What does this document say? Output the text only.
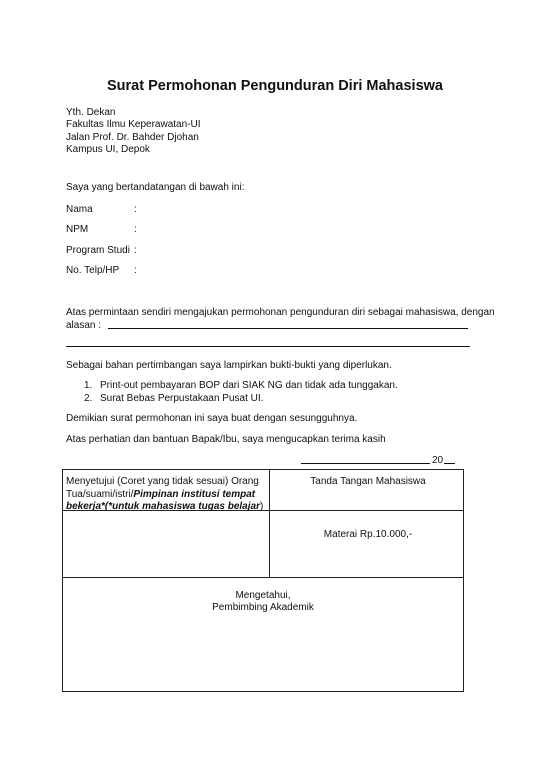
Surat Permohonan Pengunduran Diri Mahasiswa
Yth. Dekan
Fakultas Ilmu Keperawatan-UI
Jalan Prof. Dr. Bahder Djohan
Kampus UI, Depok
Saya yang bertandatangan di bawah ini:
Nama	:
NPM	:
Program Studi :
No. Telp/HP :
Atas permintaan sendiri mengajukan permohonan pengunduran diri sebagai mahasiswa, dengan
alasan :
Sebagai bahan pertimbangan saya lampirkan bukti-bukti yang diperlukan.
1. Print-out pembayaran BOP dari SIAK NG dan tidak ada tunggakan.
2. Surat Bebas Perpustakaan Pusat UI.
Demikian surat permohonan ini saya buat dengan sesungguhnya.
Atas perhatian dan bantuan Bapak/Ibu, saya mengucapkan terima kasih
20
Menyetujui (Coret yang tidak sesuai) Orang Tua/suami/istri/Pimpinan institusi tempat bekerja*(*untuk mahasiswa tugas belajar)
Tanda Tangan Mahasiswa
Materai Rp.10.000,-
Mengetahui,
Pembimbing Akademik
